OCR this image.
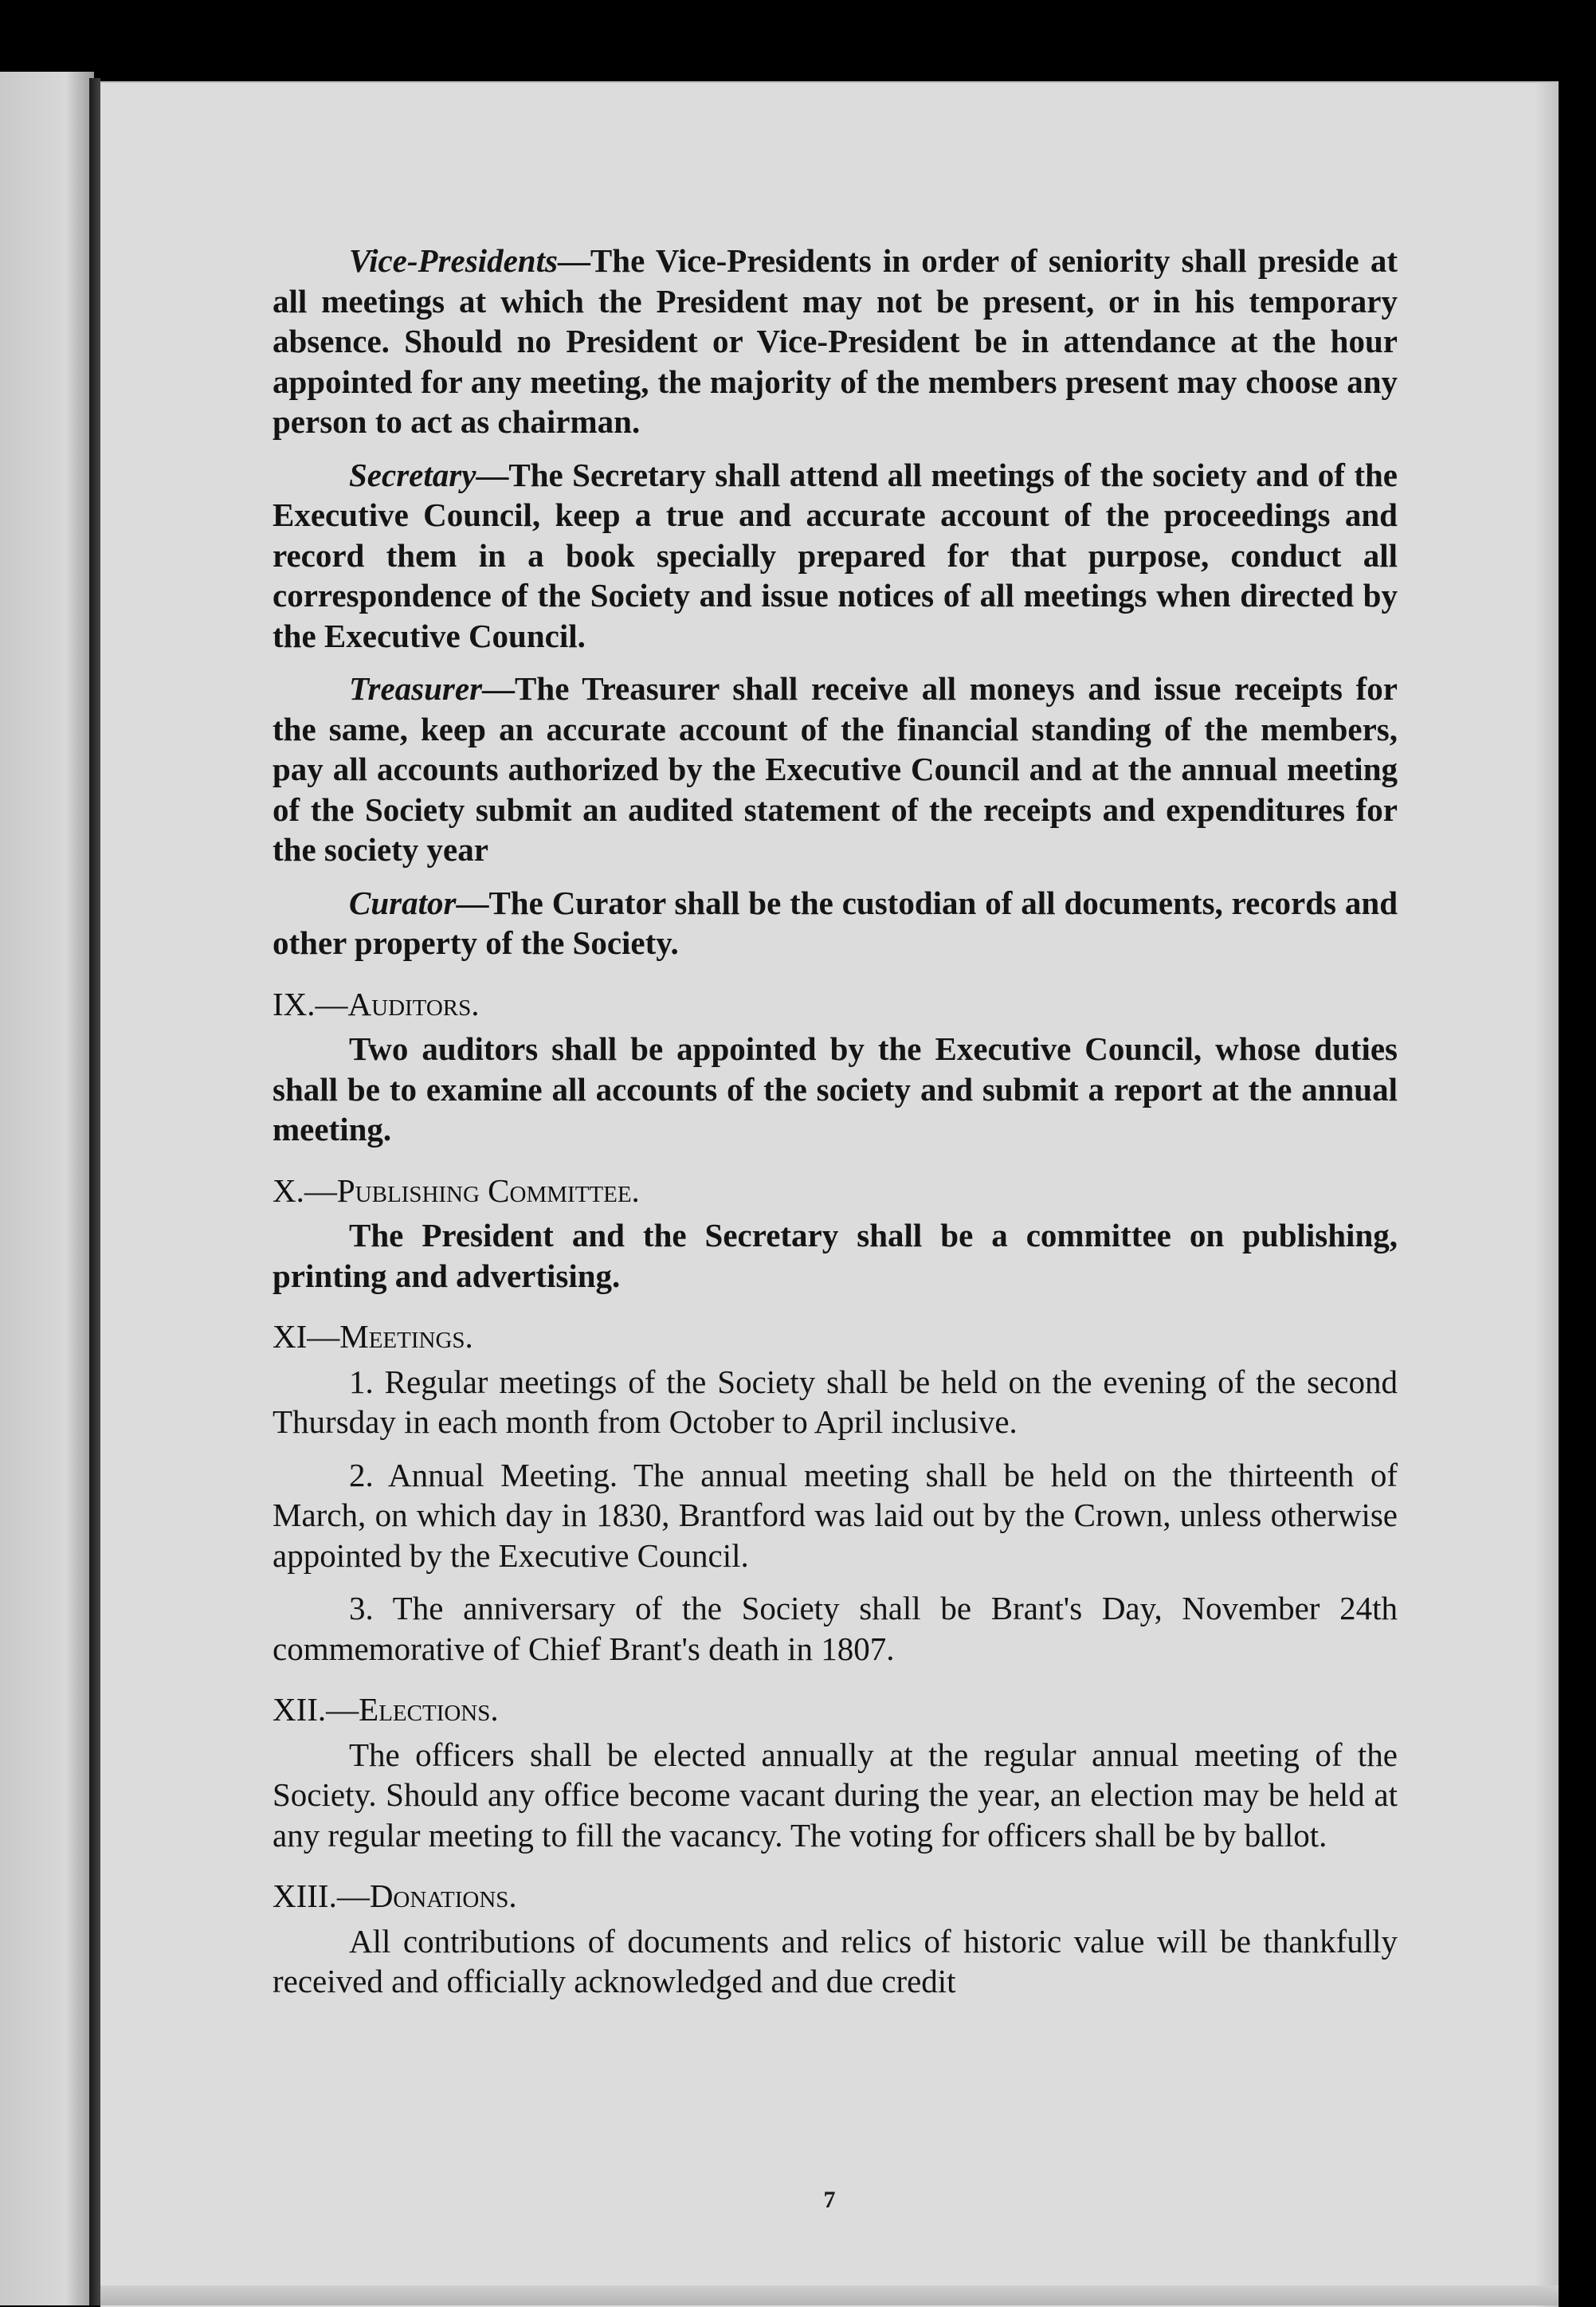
Vice-Presidents—The Vice-Presidents in order of seniority shall preside at all meetings at which the President may not be present, or in his temporary absence. Should no President or Vice-President be in attendance at the hour appointed for any meeting, the majority of the members present may choose any person to act as chairman.

Secretary—The Secretary shall attend all meetings of the society and of the Executive Council, keep a true and accurate account of the proceedings and record them in a book specially prepared for that purpose, conduct all correspondence of the Society and issue notices of all meetings when directed by the Executive Council.

Treasurer—The Treasurer shall receive all moneys and issue receipts for the same, keep an accurate account of the financial standing of the members, pay all accounts authorized by the Executive Council and at the annual meeting of the Society submit an audited statement of the receipts and expenditures for the society year

Curator—The Curator shall be the custodian of all documents, records and other property of the Society.

IX.—Auditors.

Two auditors shall be appointed by the Executive Council, whose duties shall be to examine all accounts of the society and submit a report at the annual meeting.

X.—Publishing Committee.

The President and the Secretary shall be a committee on publishing, printing and advertising.

XI—Meetings.

1. Regular meetings of the Society shall be held on the evening of the second Thursday in each month from October to April inclusive.

2. Annual Meeting. The annual meeting shall be held on the thirteenth of March, on which day in 1830, Brantford was laid out by the Crown, unless otherwise appointed by the Executive Council.

3. The anniversary of the Society shall be Brant's Day, November 24th commemorative of Chief Brant's death in 1807.

XII.—Elections.

The officers shall be elected annually at the regular annual meeting of the Society. Should any office become vacant during the year, an election may be held at any regular meeting to fill the vacancy. The voting for officers shall be by ballot.

XIII.—Donations.

All contributions of documents and relics of historic value will be thankfully received and officially acknowledged and due credit

7
